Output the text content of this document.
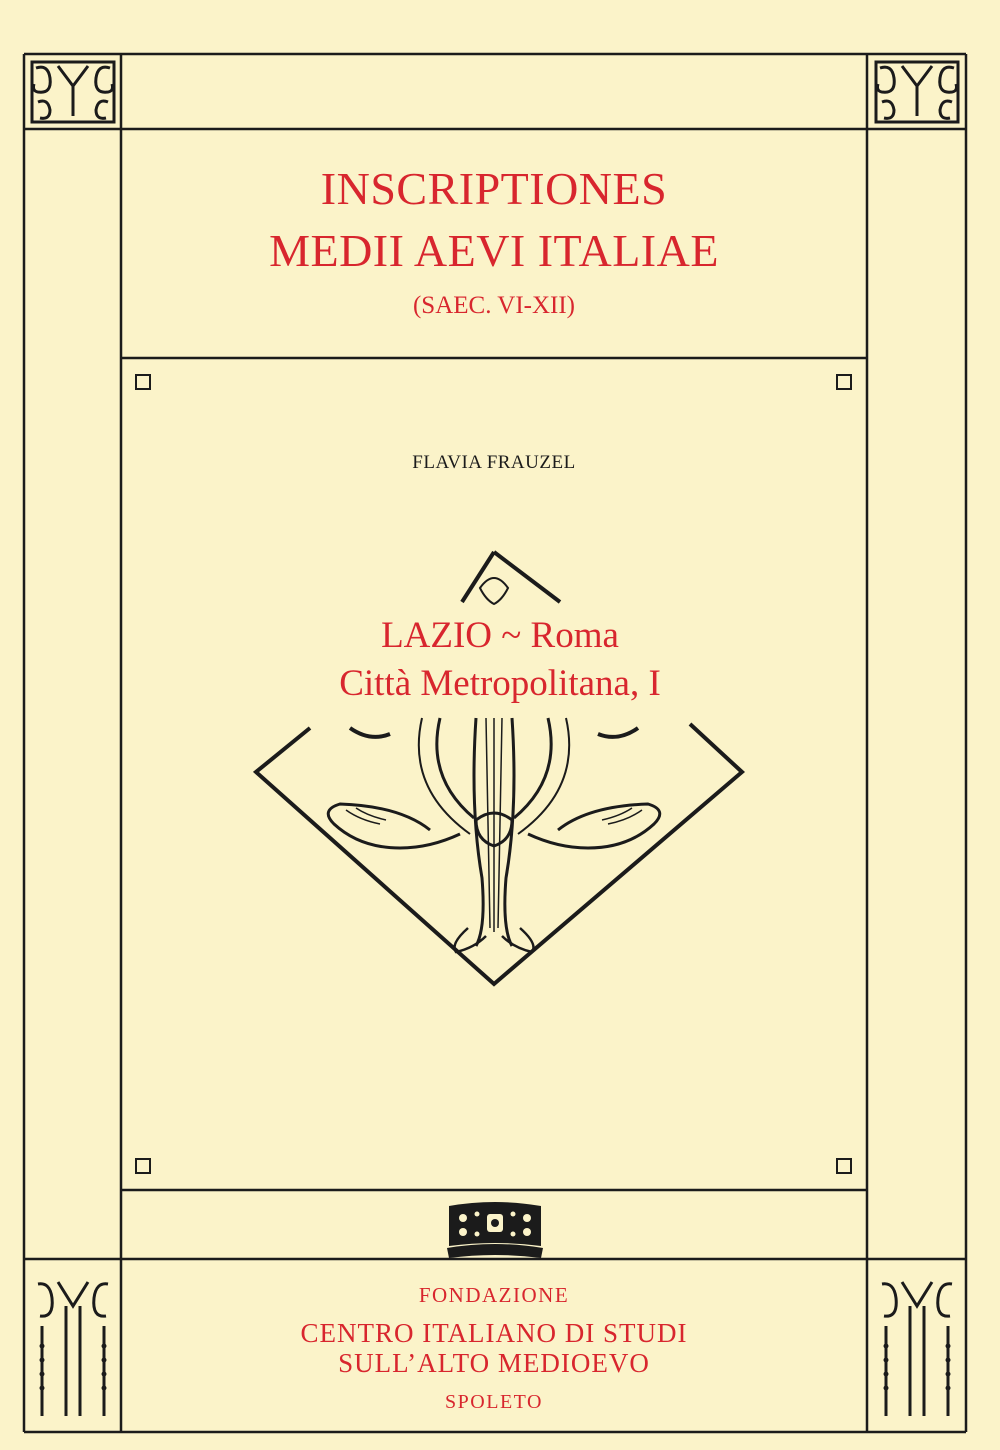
INSCRIPTIONES
MEDII AEVI ITALIAE
(SAEC. VI-XII)
FLAVIA FRAUZEL
LAZIO ~ Roma
Città Metropolitana, I
FONDAZIONE
CENTRO ITALIANO DI STUDI
SULL’ALTO MEDIOEVO
SPOLETO
